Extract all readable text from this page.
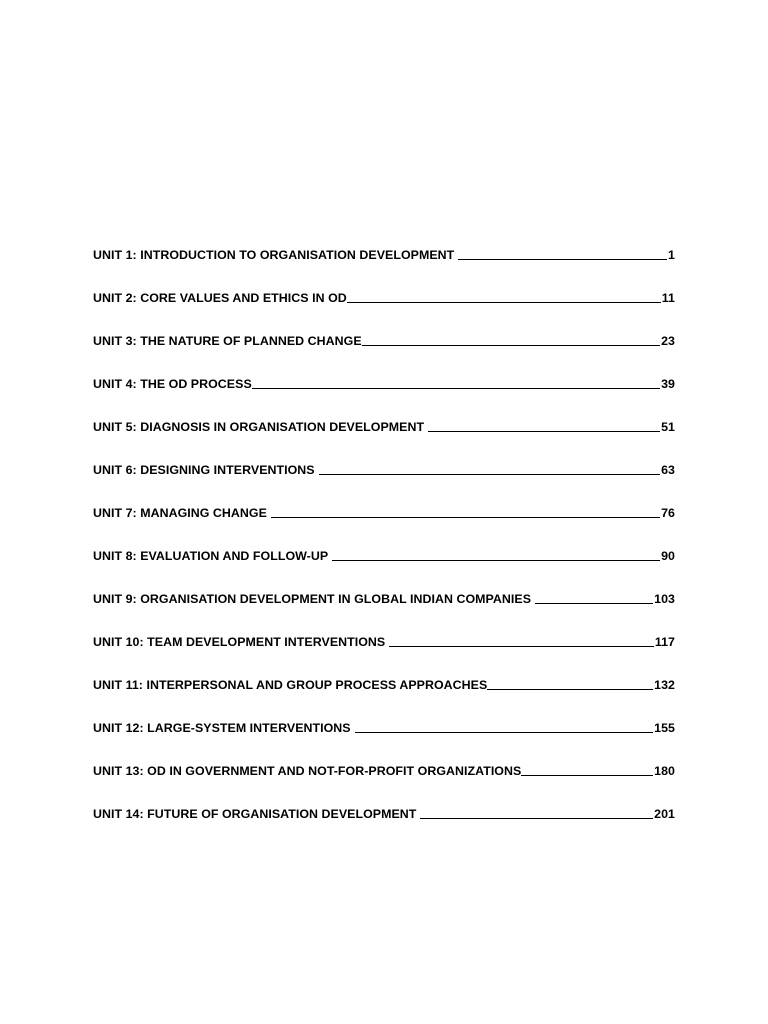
UNIT 1: INTRODUCTION TO ORGANISATION DEVELOPMENT	1
UNIT 2: CORE VALUES AND ETHICS IN OD	11
UNIT 3: THE NATURE OF PLANNED CHANGE	23
UNIT 4: THE OD PROCESS	39
UNIT 5: DIAGNOSIS IN ORGANISATION DEVELOPMENT	51
UNIT 6: DESIGNING INTERVENTIONS	63
UNIT 7: MANAGING CHANGE	76
UNIT 8: EVALUATION AND FOLLOW-UP	90
UNIT 9: ORGANISATION DEVELOPMENT IN GLOBAL INDIAN COMPANIES	103
UNIT 10: TEAM DEVELOPMENT INTERVENTIONS	117
UNIT 11: INTERPERSONAL AND GROUP PROCESS APPROACHES	132
UNIT 12: LARGE-SYSTEM INTERVENTIONS	155
UNIT 13: OD IN GOVERNMENT AND NOT-FOR-PROFIT ORGANIZATIONS	180
UNIT 14: FUTURE OF ORGANISATION DEVELOPMENT	201
